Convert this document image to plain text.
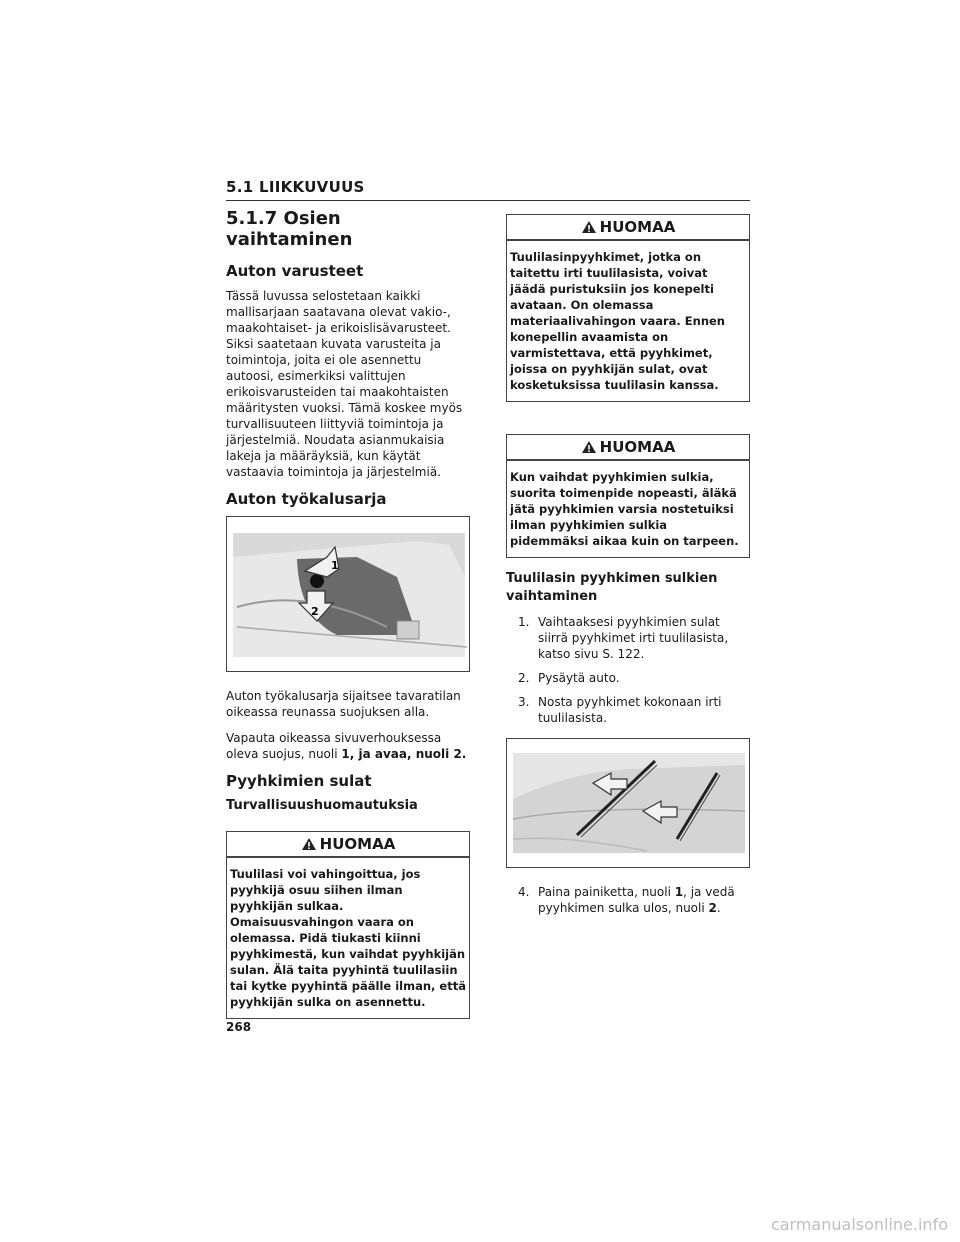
5.1 LIIKKUVUUS
5.1.7 Osien vaihtaminen
Auton varusteet

Tässä luvussa selostetaan kaikki mallisarjaan saatavana olevat vakio-, maakohtaiset- ja erikoislisävarusteet. Siksi saatetaan kuvata varusteita ja toimintoja, joita ei ole asennettu autoosi, esimerkiksi valittujen erikoisvarusteiden tai maakohtaisten määritysten vuoksi. Tämä koskee myös turvallisuuteen liittyviä toimintoja ja järjestelmiä. Noudata asianmukaisia lakeja ja määräyksiä, kun käytät vastaavia toimintoja ja järjestelmiä.

Auton työkalusarja
1
2

Auton työkalusarja sijaitsee tavaratilan oikeassa reunassa suojuksen alla.

Vapauta oikeassa sivuverhouksessa oleva suojus, nuoli 1, ja avaa, nuoli 2.

Pyyhkimien sulat
Turvallisuushuomautuksia
HUOMAA
Tuulilasi voi vahingoittua, jos pyyhkijä osuu siihen ilman pyyhkijän sulkaa. Omaisuusvahingon vaara on olemassa. Pidä tiukasti kiinni pyyhkimestä, kun vaihdat pyyhkijän sulan. Älä taita pyyhintä tuulilasiin tai kytke pyyhintä päälle ilman, että pyyhkijän sulka on asennettu.
HUOMAA
Tuulilasinpyyhkimet, jotka on taitettu irti tuulilasista, voivat jäädä puristuksiin jos konepelti avataan. On olemassa materiaalivahingon vaara. Ennen konepellin avaamista on varmistettava, että pyyhkimet, joissa on pyyhkijän sulat, ovat kosketuksissa tuulilasin kanssa.
HUOMAA
Kun vaihdat pyyhkimien sulkia, suorita toimenpide nopeasti, äläkä jätä pyyhkimien varsia nostetuiksi ilman pyyhkimien sulkia pidemmäksi aikaa kuin on tarpeen.
Tuulilasin pyyhkimen sulkien vaihtaminen
1. Vaihtaaksesi pyyhkimien sulat siirrä pyyhkimet irti tuulilasista, katso sivu S. 122.
2. Pysäytä auto.
3. Nosta pyyhkimet kokonaan irti tuulilasista.
4. Paina painiketta, nuoli 1, ja vedä pyyhkimen sulka ulos, nuoli 2.
268
carmanualsonline.info
